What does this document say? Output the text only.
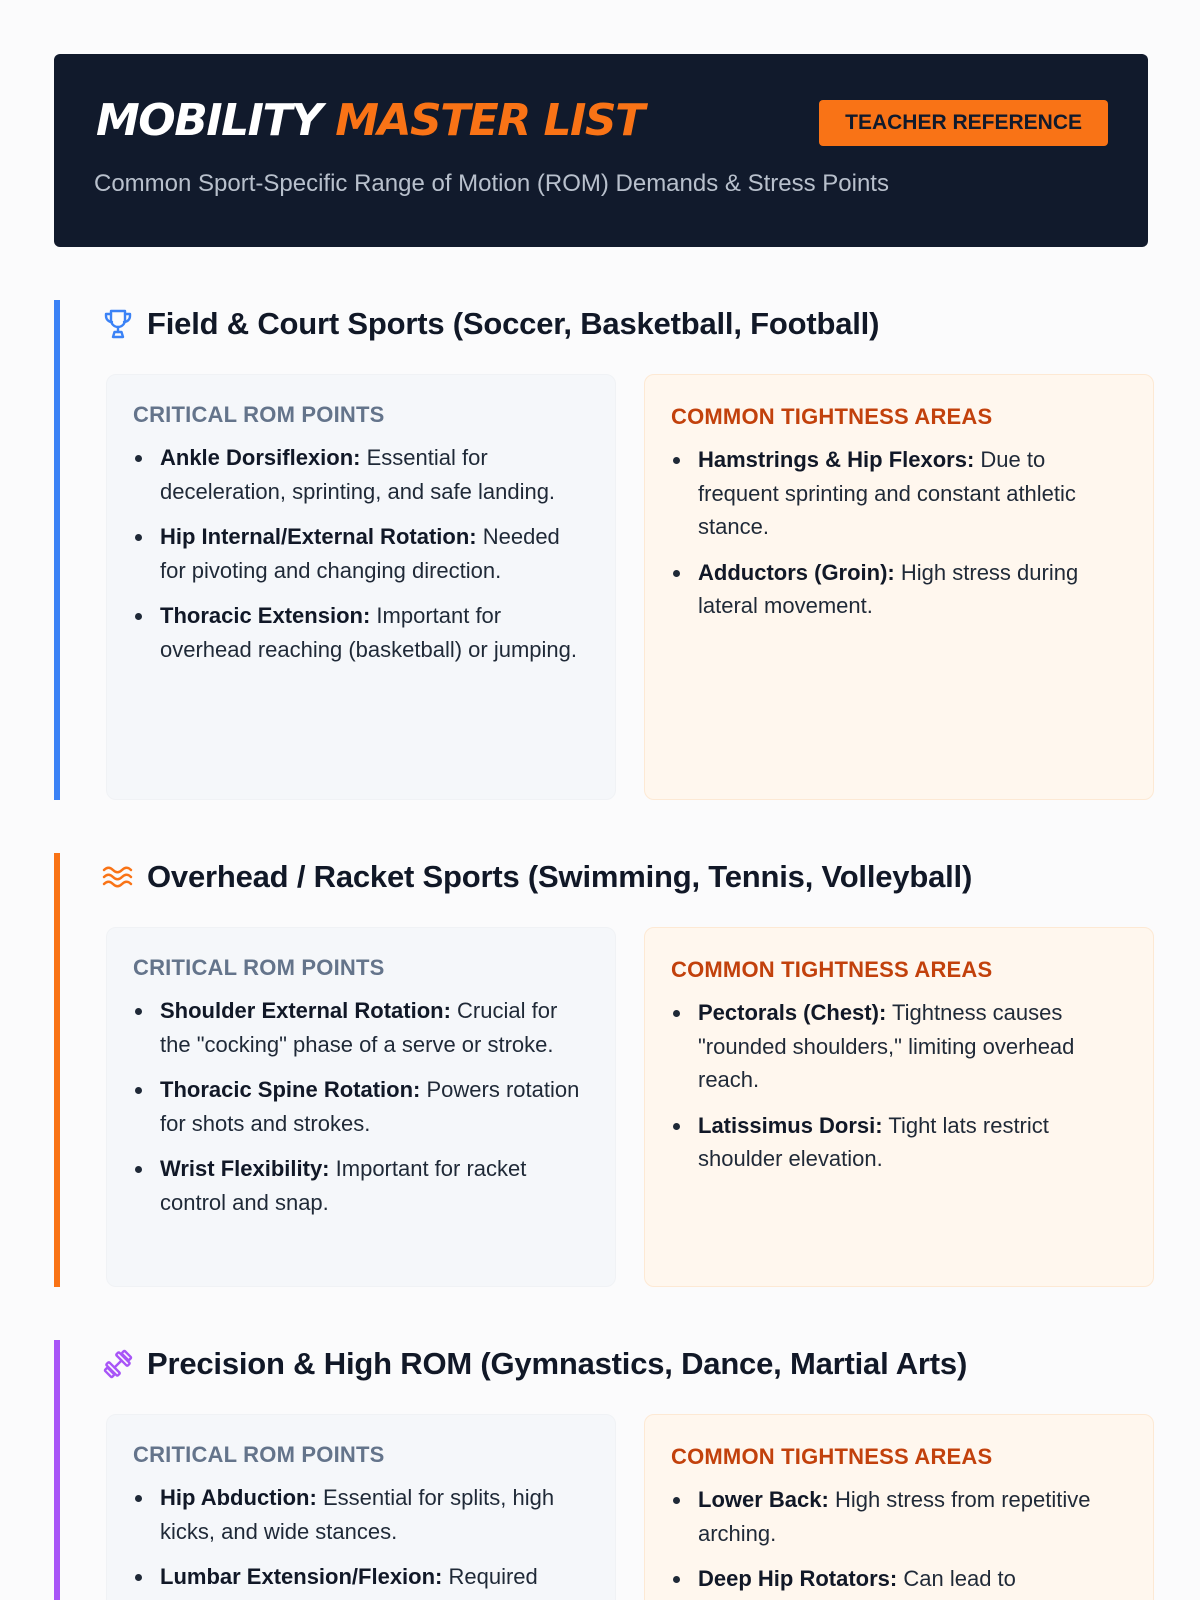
MOBILITY MASTER LIST	TEACHER REFERENCE
Common Sport-Specific Range of Motion (ROM) Demands & Stress Points
Field & Court Sports (Soccer, Basketball, Football)
CRITICAL ROM POINTS
Ankle Dorsiflexion: Essential for deceleration, sprinting, and safe landing.
Hip Internal/External Rotation: Needed for pivoting and changing direction.
Thoracic Extension: Important for overhead reaching (basketball) or jumping.
COMMON TIGHTNESS AREAS
Hamstrings & Hip Flexors: Due to frequent sprinting and constant athletic stance.
Adductors (Groin): High stress during lateral movement.
Overhead / Racket Sports (Swimming, Tennis, Volleyball)
CRITICAL ROM POINTS
Shoulder External Rotation: Crucial for the "cocking" phase of a serve or stroke.
Thoracic Spine Rotation: Powers rotation for shots and strokes.
Wrist Flexibility: Important for racket control and snap.
COMMON TIGHTNESS AREAS
Pectorals (Chest): Tightness causes "rounded shoulders," limiting overhead reach.
Latissimus Dorsi: Tight lats restrict shoulder elevation.
Precision & High ROM (Gymnastics, Dance, Martial Arts)
CRITICAL ROM POINTS
Hip Abduction: Essential for splits, high kicks, and wide stances.
Lumbar Extension/Flexion: Required
COMMON TIGHTNESS AREAS
Lower Back: High stress from repetitive arching.
Deep Hip Rotators: Can lead to
